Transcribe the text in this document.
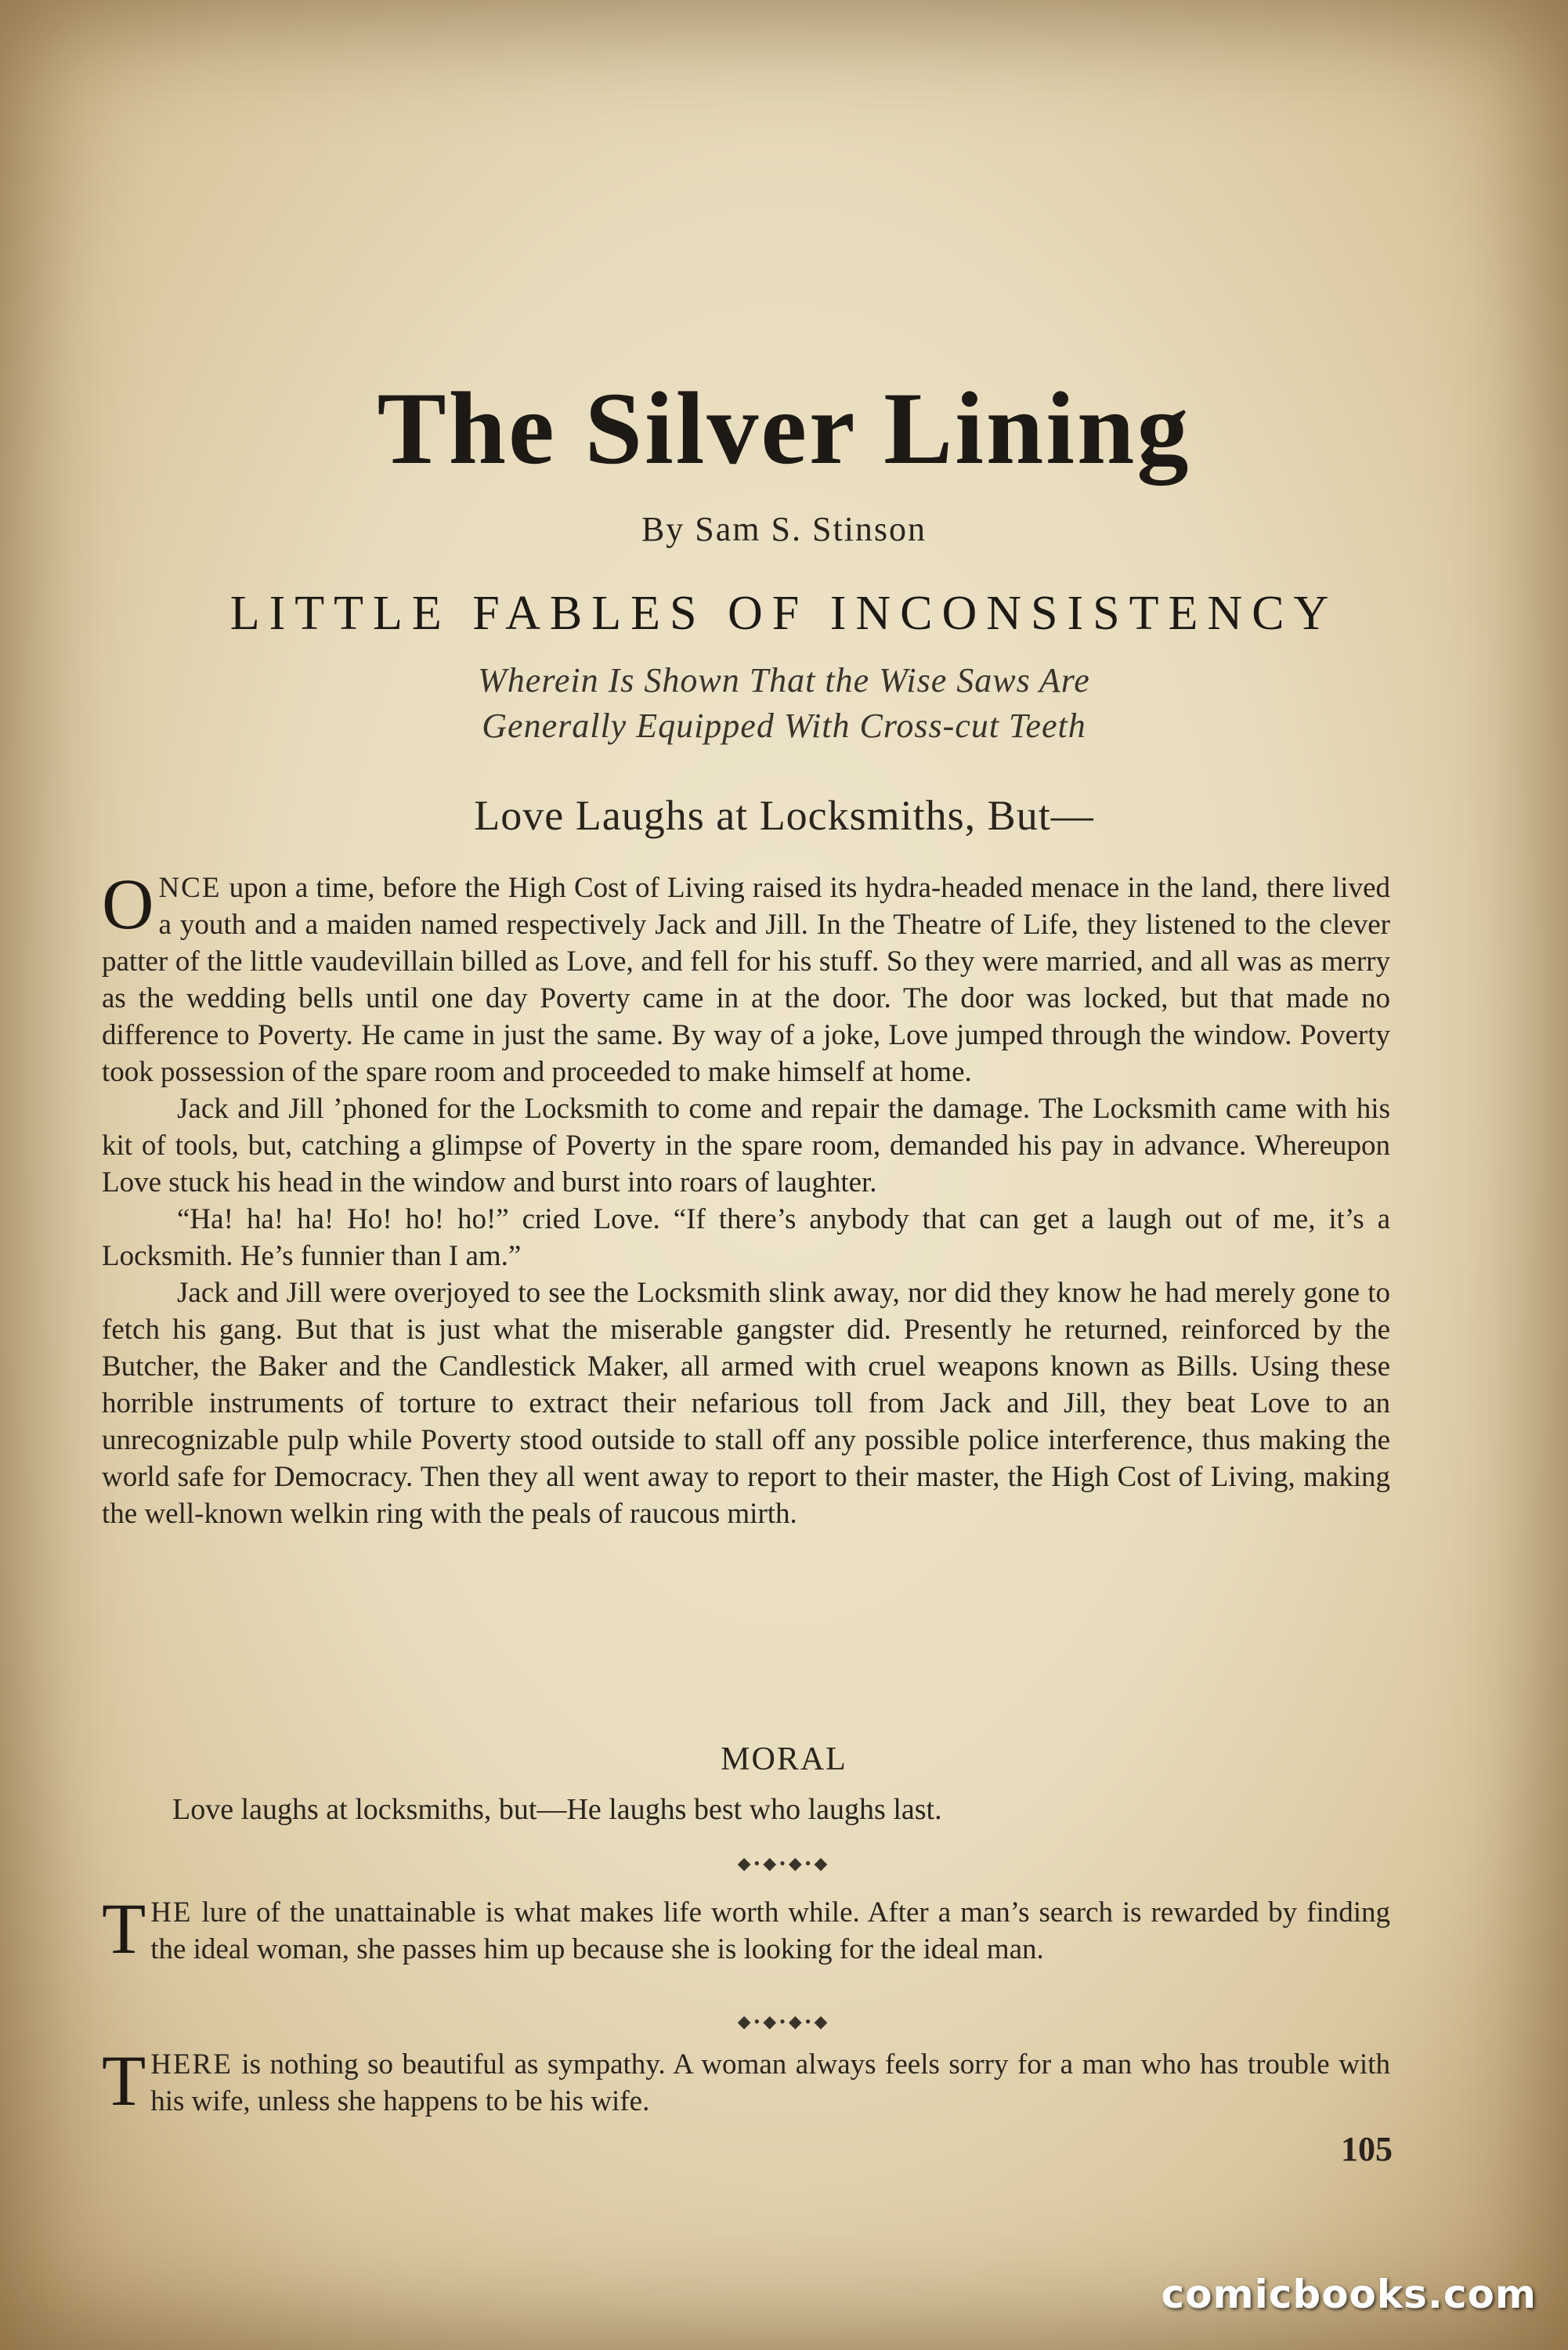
The Silver Lining
By Sam S. Stinson
LITTLE FABLES OF INCONSISTENCY
Wherein Is Shown That the Wise Saws Are
Generally Equipped With Cross-cut Teeth
Love Laughs at Locksmiths, But—

ONCE upon a time, before the High Cost of Living raised its hydra-headed menace in the land, there lived a youth and a maiden named respectively Jack and Jill. In the Theatre of Life, they listened to the clever patter of the little vaudevillain billed as Love, and fell for his stuff. So they were married, and all was as merry as the wedding bells until one day Poverty came in at the door. The door was locked, but that made no difference to Poverty. He came in just the same. By way of a joke, Love jumped through the window. Poverty took possession of the spare room and proceeded to make himself at home.

Jack and Jill ’phoned for the Locksmith to come and repair the damage. The Locksmith came with his kit of tools, but, catching a glimpse of Poverty in the spare room, demanded his pay in advance. Whereupon Love stuck his head in the window and burst into roars of laughter.

“Ha! ha! ha! Ho! ho! ho!” cried Love. “If there’s anybody that can get a laugh out of me, it’s a Locksmith. He’s funnier than I am.”

Jack and Jill were overjoyed to see the Locksmith slink away, nor did they know he had merely gone to fetch his gang. But that is just what the miserable gangster did. Presently he returned, reinforced by the Butcher, the Baker and the Candlestick Maker, all armed with cruel weapons known as Bills. Using these horrible instruments of torture to extract their nefarious toll from Jack and Jill, they beat Love to an unrecognizable pulp while Poverty stood outside to stall off any possible police interference, thus making the world safe for Democracy. Then they all went away to report to their master, the High Cost of Living, making the well-known welkin ring with the peals of raucous mirth.

MORAL
Love laughs at locksmiths, but—He laughs best who laughs last.
◆•◆•◆•◆

THE lure of the unattainable is what makes life worth while. After a man’s search is rewarded by finding the ideal woman, she passes him up because she is looking for the ideal man.

◆•◆•◆•◆

THERE is nothing so beautiful as sympathy. A woman always feels sorry for a man who has trouble with his wife, unless she happens to be his wife.

105
comicbooks.com
